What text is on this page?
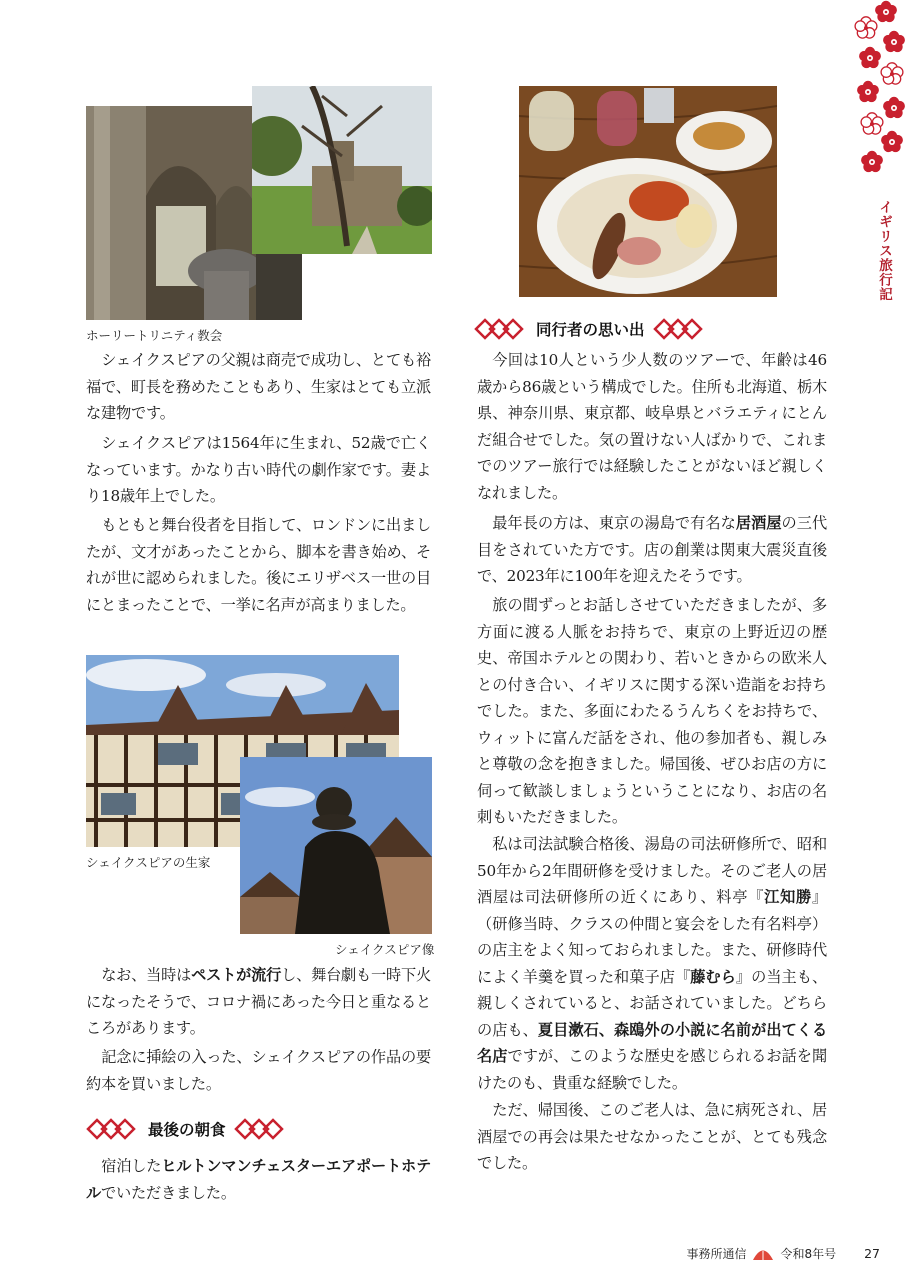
イギリス旅行記
ホーリートリニティ教会

シェイクスピアの父親は商売で成功し、とても裕福で、町長を務めたこともあり、生家はとても立派な建物です。

シェイクスピアは1564年に生まれ、52歳で亡くなっています。かなり古い時代の劇作家です。妻より18歳年上でした。

もともと舞台役者を目指して、ロンドンに出ましたが、文才があったことから、脚本を書き始め、それが世に認められました。後にエリザベス一世の目にとまったことで、一挙に名声が高まりました。

シェイクスピアの生家
シェイクスピア像

なお、当時はペストが流行し、舞台劇も一時下火になったそうで、コロナ禍にあった今日と重なるところがあります。

記念に挿絵の入った、シェイクスピアの作品の要約本を買いました。

最後の朝食

宿泊したヒルトンマンチェスターエアポートホテルでいただきました。

同行者の思い出

今回は10人という少人数のツアーで、年齢は46歳から86歳という構成でした。住所も北海道、栃木県、神奈川県、東京都、岐阜県とバラエティにとんだ組合せでした。気の置けない人ばかりで、これまでのツアー旅行では経験したことがないほど親しくなれました。

最年長の方は、東京の湯島で有名な居酒屋の三代目をされていた方です。店の創業は関東大震災直後で、2023年に100年を迎えたそうです。

旅の間ずっとお話しさせていただきましたが、多方面に渡る人脈をお持ちで、東京の上野近辺の歴史、帝国ホテルとの関わり、若いときからの欧米人との付き合い、イギリスに関する深い造詣をお持ちでした。また、多面にわたるうんちくをお持ちで、ウィットに富んだ話をされ、他の参加者も、親しみと尊敬の念を抱きました。帰国後、ぜひお店の方に伺って歓談しましょうということになり、お店の名刺もいただきました。

私は司法試験合格後、湯島の司法研修所で、昭和50年から2年間研修を受けました。そのご老人の居酒屋は司法研修所の近くにあり、料亭『江知勝』（研修当時、クラスの仲間と宴会をした有名料亭）の店主をよく知っておられました。また、研修時代によく羊羹を買った和菓子店『藤むら』の当主も、親しくされていると、お話されていました。どちらの店も、夏目漱石、森鴎外の小説に名前が出てくる名店ですが、このような歴史を感じられるお話を聞けたのも、貴重な経験でした。

ただ、帰国後、このご老人は、急に病死され、居酒屋での再会は果たせなかったことが、とても残念でした。

事務所通信	令和8年号 27
